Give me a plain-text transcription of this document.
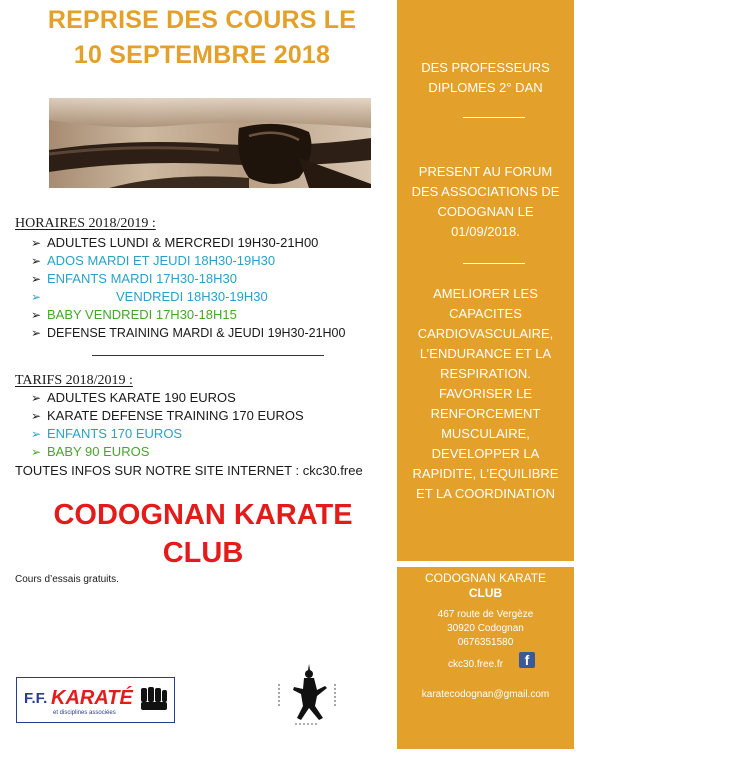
REPRISE DES COURS LE
10 SEPTEMBRE 2018
HORAIRES 2018/2019 :
➢ ADULTES LUNDI & MERCREDI 19H30-21H00
➢ ADOS MARDI ET JEUDI 18H30-19H30
➢ ENFANTS MARDI 17H30-18H30
➢	VENDREDI 18H30-19H30
➢ BABY VENDREDI 17H30-18H15
➢ DEFENSE TRAINING MARDI & JEUDI 19H30-21H00
TARIFS 2018/2019 :
➢ ADULTES KARATE 190 EUROS
➢ KARATE DEFENSE TRAINING 170 EUROS
➢ ENFANTS 170 EUROS
➢ BABY 90 EUROS
TOUTES INFOS SUR NOTRE SITE INTERNET : ckc30.free
CODOGNAN KARATE
CLUB
Cours d’essais gratuits.
F.F. KARATÉ
et disciplines associées
DES PROFESSEURS
DIPLOMES 2° DAN
PRESENT AU FORUM
DES ASSOCIATIONS DE
CODOGNAN LE
01/09/2018.
AMELIORER LES
CAPACITES
CARDIOVASCULAIRE,
L’ENDURANCE ET LA
RESPIRATION.
FAVORISER LE
RENFORCEMENT
MUSCULAIRE,
DEVELOPPER LA
RAPIDITE, L’EQUILIBRE
ET LA COORDINATION
CODOGNAN KARATE
CLUB
467 route de Vergèze
30920 Codognan
0676351580
ckc30.free.fr	f
karatecodognan@gmail.com
